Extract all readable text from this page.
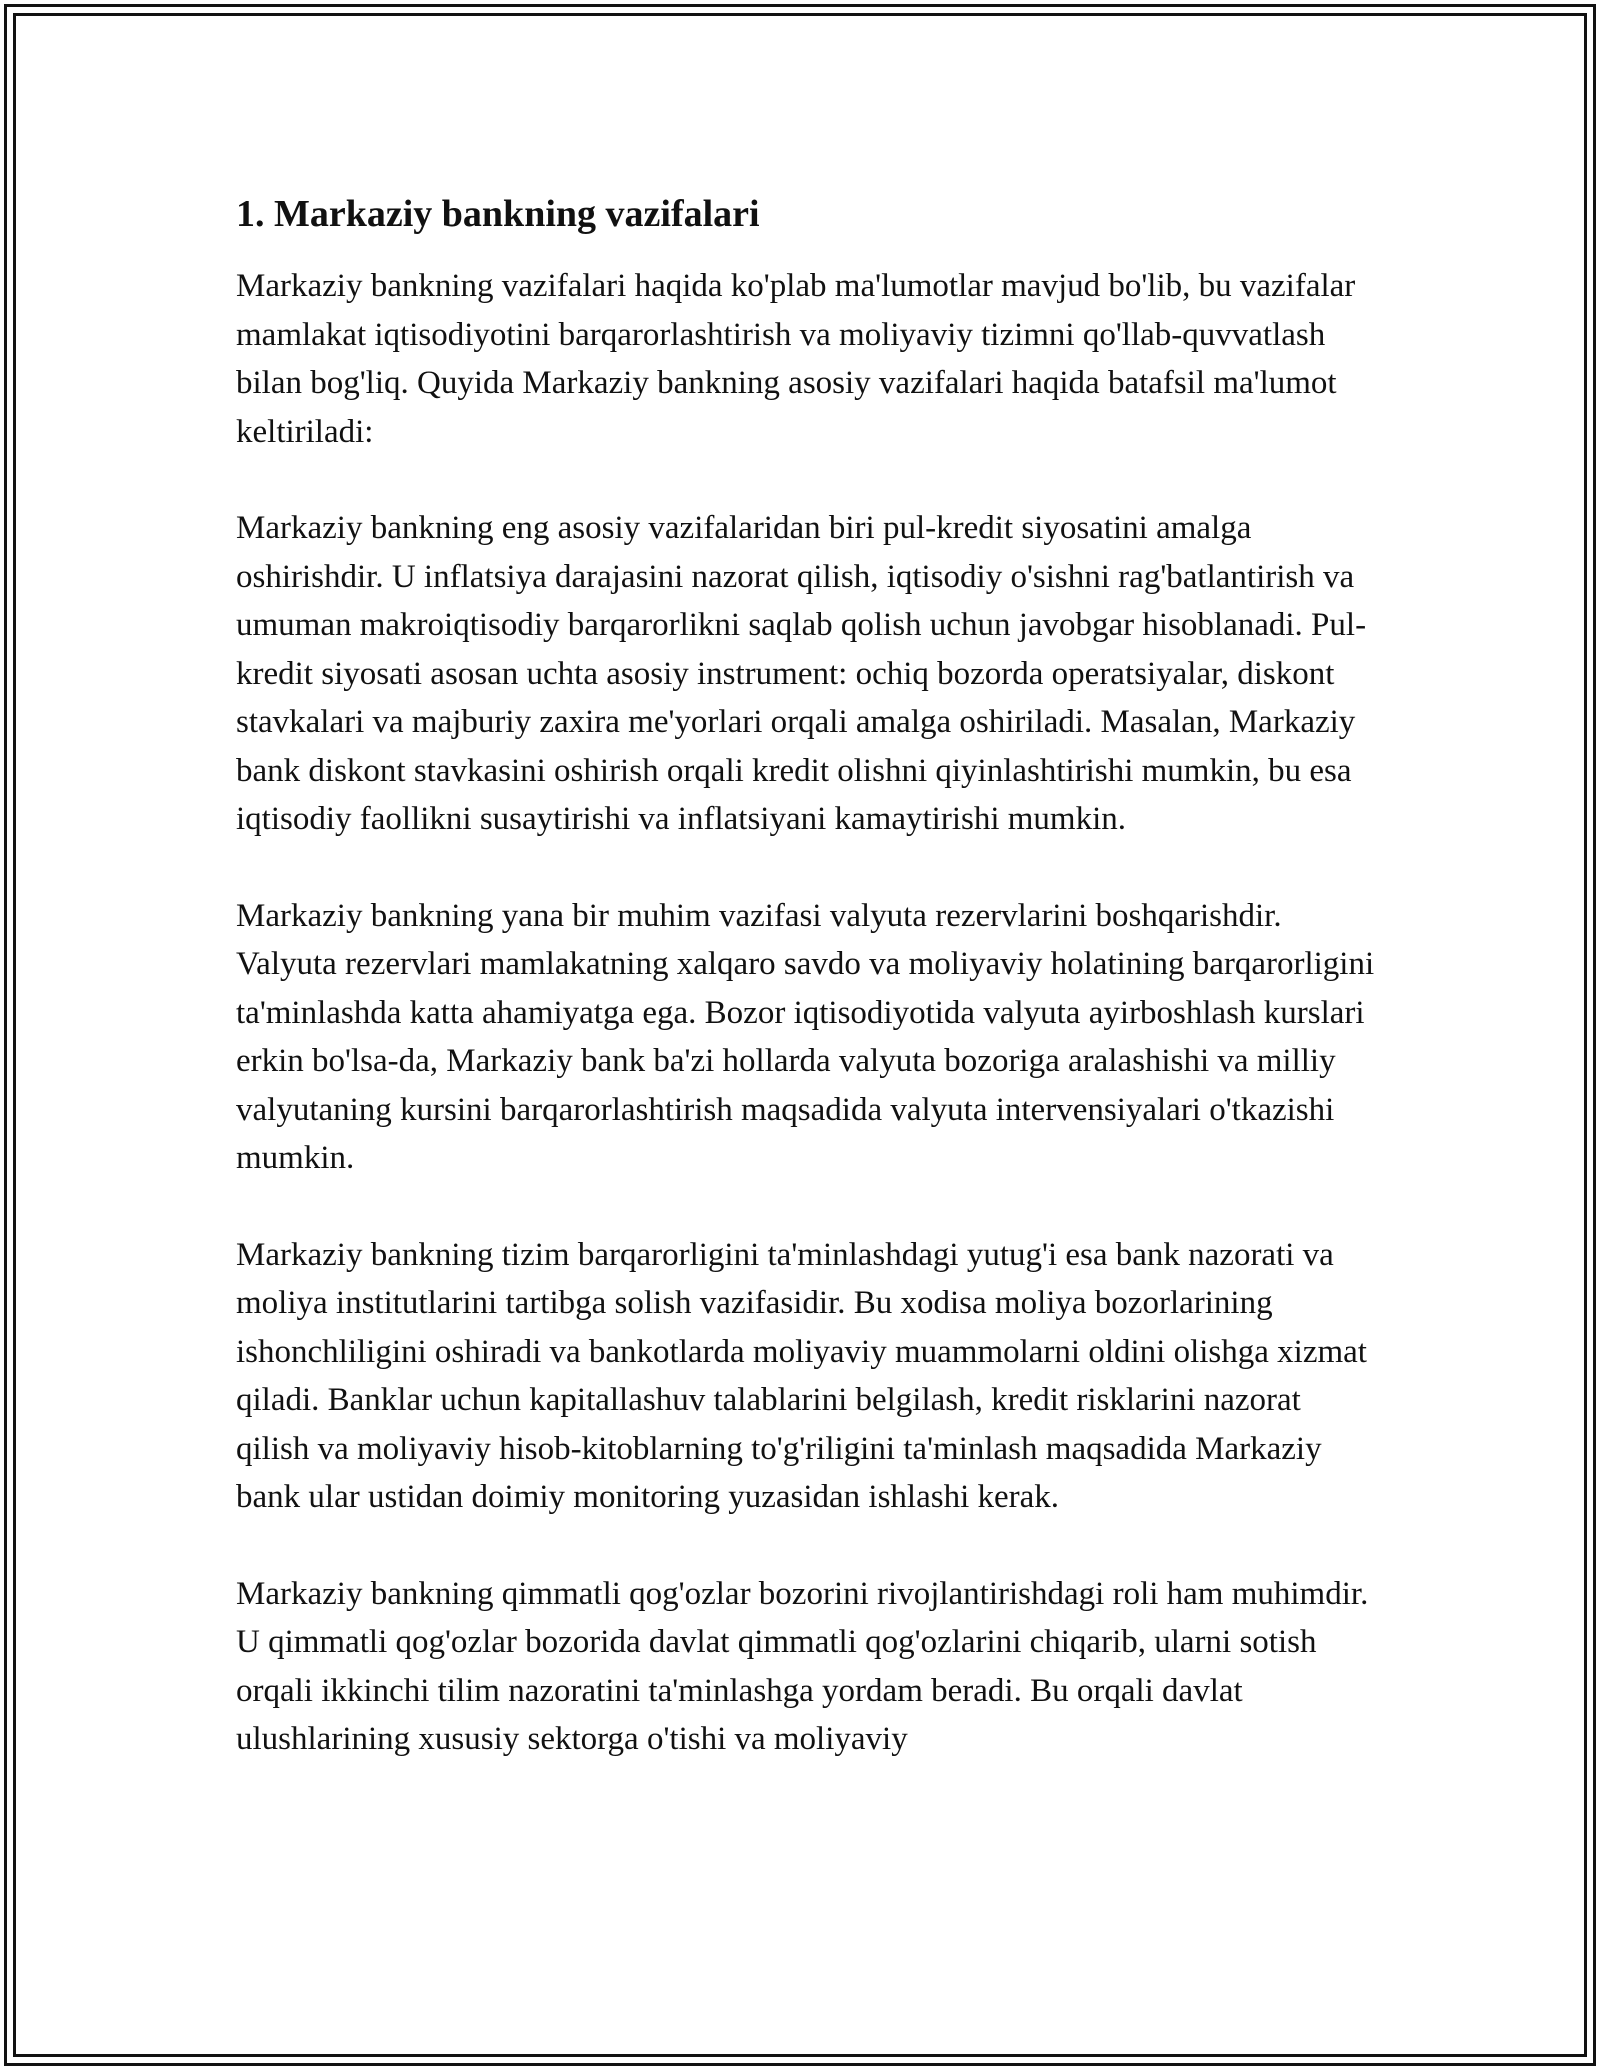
1. Markaziy bankning vazifalari

Markaziy bankning vazifalari haqida ko'plab ma'lumotlar mavjud bo'lib, bu vazifalar mamlakat iqtisodiyotini barqarorlashtirish va moliyaviy tizimni qo'llab-quvvatlash bilan bog'liq. Quyida Markaziy bankning asosiy vazifalari haqida batafsil ma'lumot keltiriladi:

Markaziy bankning eng asosiy vazifalaridan biri pul-kredit siyosatini amalga oshirishdir. U inflatsiya darajasini nazorat qilish, iqtisodiy o'sishni rag'batlantirish va umuman makroiqtisodiy barqarorlikni saqlab qolish uchun javobgar hisoblanadi. Pul-kredit siyosati asosan uchta asosiy instrument: ochiq bozorda operatsiyalar, diskont stavkalari va majburiy zaxira me'yorlari orqali amalga oshiriladi. Masalan, Markaziy bank diskont stavkasini oshirish orqali kredit olishni qiyinlashtirishi mumkin, bu esa iqtisodiy faollikni susaytirishi va inflatsiyani kamaytirishi mumkin.

Markaziy bankning yana bir muhim vazifasi valyuta rezervlarini boshqarishdir. Valyuta rezervlari mamlakatning xalqaro savdo va moliyaviy holatining barqarorligini ta'minlashda katta ahamiyatga ega. Bozor iqtisodiyotida valyuta ayirboshlash kurslari erkin bo'lsa-da, Markaziy bank ba'zi hollarda valyuta bozoriga aralashishi va milliy valyutaning kursini barqarorlashtirish maqsadida valyuta intervensiyalari o'tkazishi mumkin.

Markaziy bankning tizim barqarorligini ta'minlashdagi yutug'i esa bank nazorati va moliya institutlarini tartibga solish vazifasidir. Bu xodisa moliya bozorlarining ishonchliligini oshiradi va bankotlarda moliyaviy muammolarni oldini olishga xizmat qiladi. Banklar uchun kapitallashuv talablarini belgilash, kredit risklarini nazorat qilish va moliyaviy hisob-kitoblarning to'g'riligini ta'minlash maqsadida Markaziy bank ular ustidan doimiy monitoring yuzasidan ishlashi kerak.

Markaziy bankning qimmatli qog'ozlar bozorini rivojlantirishdagi roli ham muhimdir. U qimmatli qog'ozlar bozorida davlat qimmatli qog'ozlarini chiqarib, ularni sotish orqali ikkinchi tilim nazoratini ta'minlashga yordam beradi. Bu orqali davlat ulushlarining xususiy sektorga o'tishi va moliyaviy
